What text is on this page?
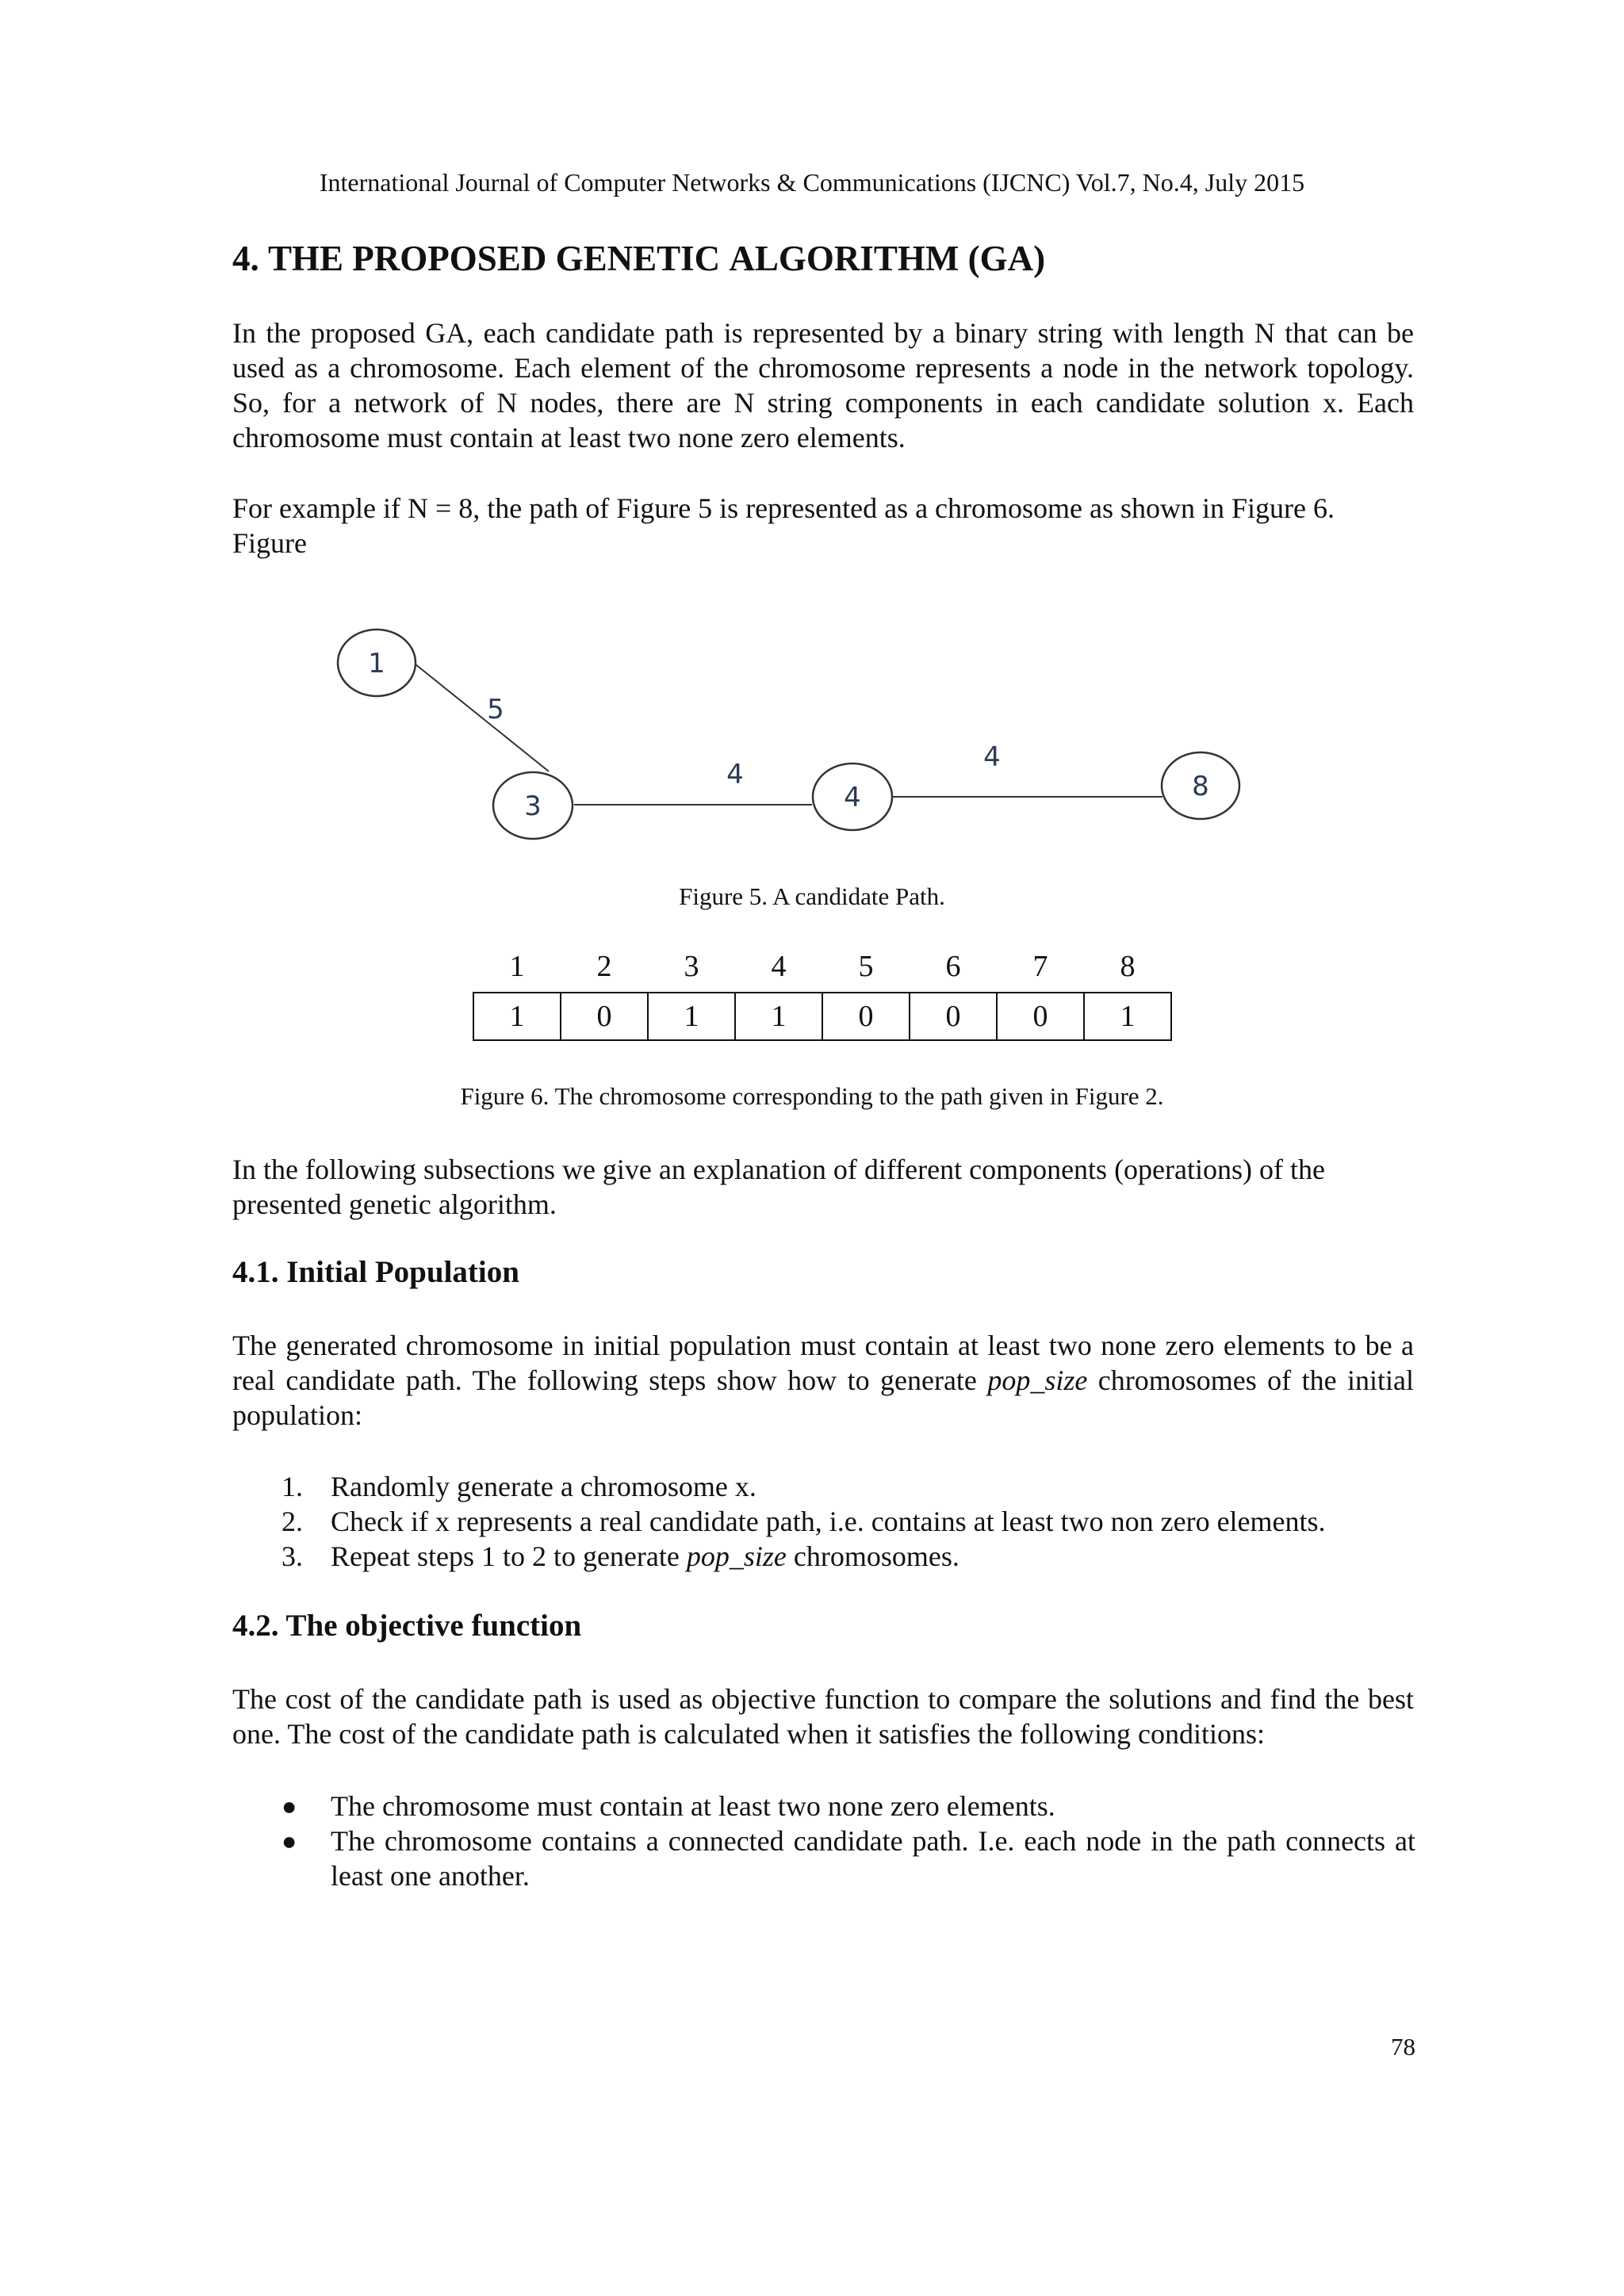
International Journal of Computer Networks & Communications (IJCNC) Vol.7, No.4, July 2015
4. THE PROPOSED GENETIC ALGORITHM (GA)

In the proposed GA, each candidate path is represented by a binary string with length N that can be used as a chromosome. Each element of the chromosome represents a node in the network topology. So, for a network of N nodes, there are N string components in each candidate solution x. Each chromosome must contain at least two none zero elements.

For example if N = 8, the path of Figure 5 is represented as a chromosome as shown in Figure 6.
Figure

1
3	4	8
5
4
4

Figure 5. A candidate Path.

1	2	3	4	5	6	7	8
1	0	1	1	0	0	0	1

Figure 6. The chromosome corresponding to the path given in Figure 2.

In the following subsections we give an explanation of different components (operations) of the presented genetic algorithm.

4.1. Initial Population

The generated chromosome in initial population must contain at least two none zero elements to be a real candidate path. The following steps show how to generate pop_size chromosomes of the initial population:

1. Randomly generate a chromosome x.
2. Check if x represents a real candidate path, i.e. contains at least two non zero elements.
3. Repeat steps 1 to 2 to generate pop_size chromosomes.
4.2. The objective function

The cost of the candidate path is used as objective function to compare the solutions and find the best one. The cost of the candidate path is calculated when it satisfies the following conditions:

●	The chromosome must contain at least two none zero elements.
●	The chromosome contains a connected candidate path. I.e. each node in the path connects at least one another.
78
